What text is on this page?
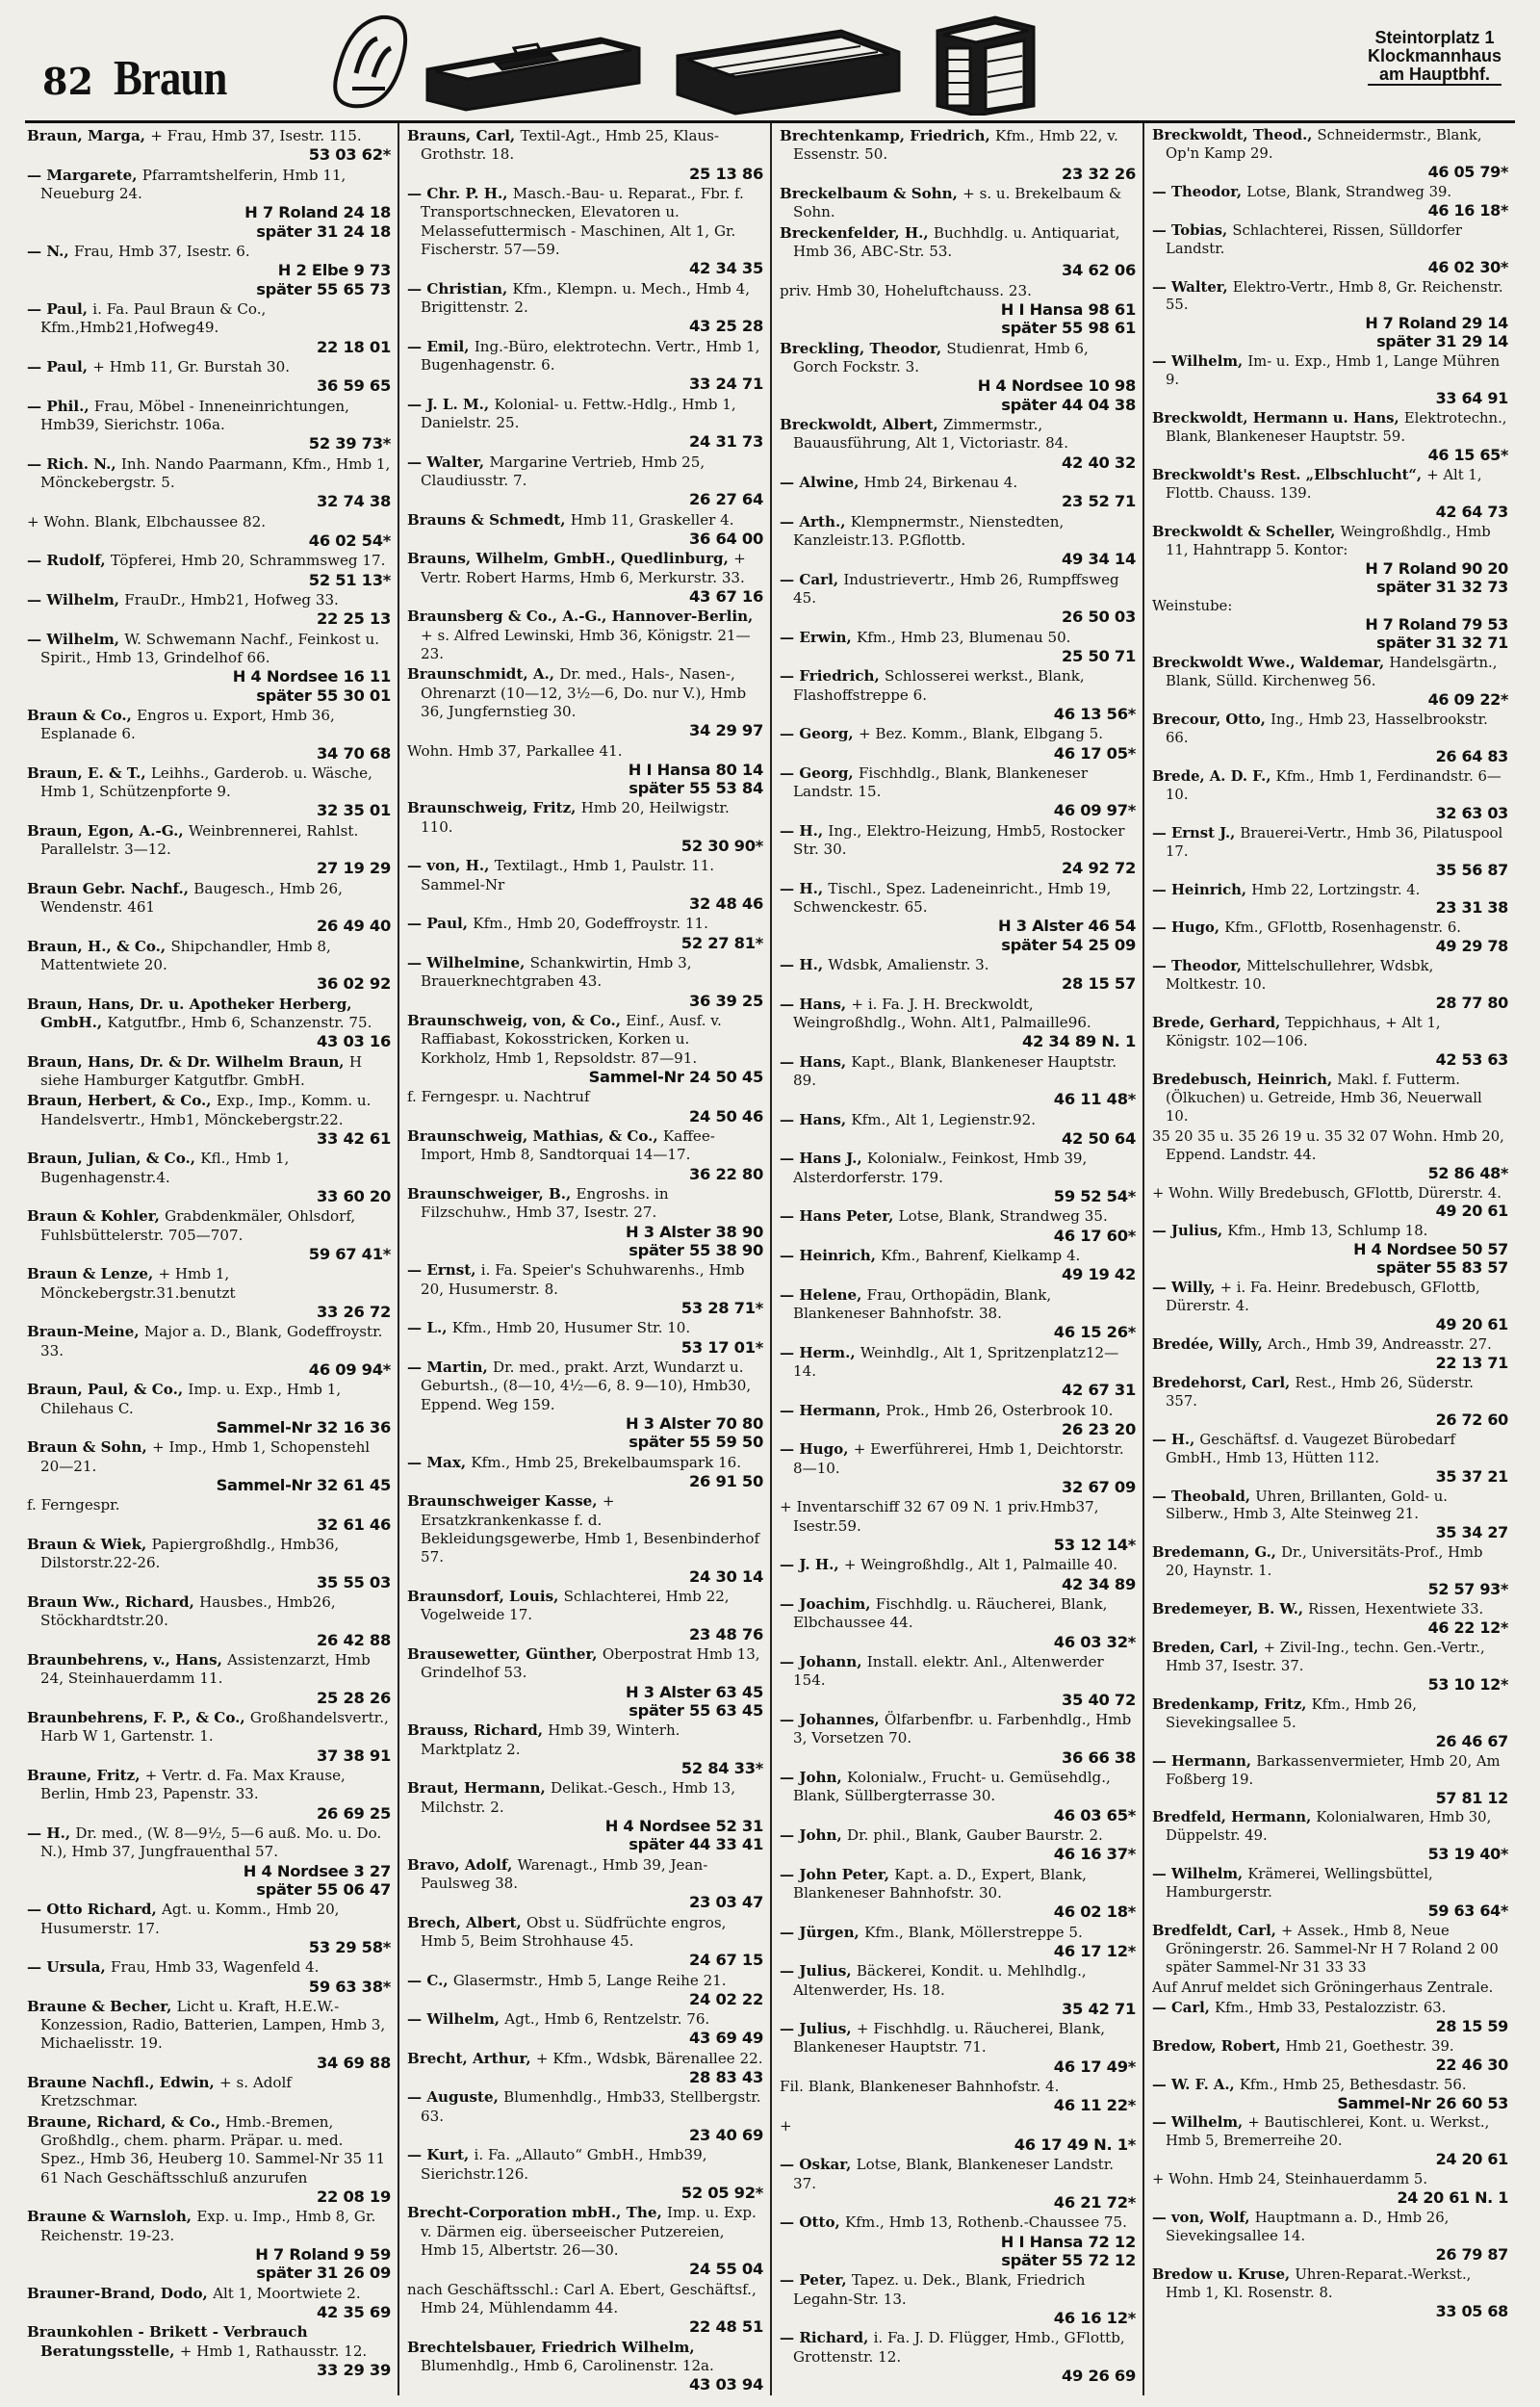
82 Braun
Steintorplatz 1
Klockmannhaus
am Hauptbhf.

Braun, Marga, + Frau, Hmb 37, Isestr. 115.
53 03 62*

— Margarete, Pfarramtshelferin, Hmb 11, Neueburg 24.
H 7 Roland 24 18
später 31 24 18

— N., Frau, Hmb 37, Isestr. 6.
H 2 Elbe 9 73
später 55 65 73

— Paul, i. Fa. Paul Braun & Co., Kfm.,Hmb21,Hofweg49.
22 18 01

— Paul, + Hmb 11, Gr. Burstah 30.
36 59 65

— Phil., Frau, Möbel - Inneneinrichtungen, Hmb39, Sierichstr. 106a.
52 39 73*

— Rich. N., Inh. Nando Paarmann, Kfm., Hmb 1, Mönckebergstr. 5.
32 74 38

+ Wohn. Blank, Elbchaussee 82.
46 02 54*

— Rudolf, Töpferei, Hmb 20, Schrammsweg 17.
52 51 13*

— Wilhelm, FrauDr., Hmb21, Hofweg 33.
22 25 13

— Wilhelm, W. Schwemann Nachf., Feinkost u. Spirit., Hmb 13, Grindelhof 66.
H 4 Nordsee 16 11
später 55 30 01

Braun & Co., Engros u. Export, Hmb 36, Esplanade 6.
34 70 68

Braun, E. & T., Leihhs., Garderob. u. Wäsche, Hmb 1, Schützenpforte 9.
32 35 01

Braun, Egon, A.-G., Weinbrennerei, Rahlst. Parallelstr. 3—12.
27 19 29

Braun Gebr. Nachf., Baugesch., Hmb 26, Wendenstr. 461
26 49 40

Braun, H., & Co., Shipchandler, Hmb 8, Mattentwiete 20.
36 02 92

Braun, Hans, Dr. u. Apotheker Herberg, GmbH., Katgutfbr., Hmb 6, Schanzenstr. 75.
43 03 16

Braun, Hans, Dr. & Dr. Wilhelm Braun, H siehe Hamburger Katgutfbr. GmbH.

Braun, Herbert, & Co., Exp., Imp., Komm. u. Handelsvertr., Hmb1, Mönckebergstr.22.
33 42 61

Braun, Julian, & Co., Kfl., Hmb 1, Bugenhagenstr.4.
33 60 20

Braun & Kohler, Grabdenkmäler, Ohlsdorf, Fuhlsbüttelerstr. 705—707.
59 67 41*

Braun & Lenze, + Hmb 1, Mönckebergstr.31.benutzt
33 26 72

Braun-Meine, Major a. D., Blank, Godeffroystr. 33.
46 09 94*

Braun, Paul, & Co., Imp. u. Exp., Hmb 1, Chilehaus C.
Sammel-Nr 32 16 36

Braun & Sohn, + Imp., Hmb 1, Schopenstehl 20—21.
Sammel-Nr 32 61 45

f. Ferngespr.
32 61 46

Braun & Wiek, Papiergroßhdlg., Hmb36, Dilstorstr.22-26.
35 55 03

Braun Ww., Richard, Hausbes., Hmb26, Stöckhardtstr.20.
26 42 88

Braunbehrens, v., Hans, Assistenzarzt, Hmb 24, Steinhauerdamm 11.
25 28 26

Braunbehrens, F. P., & Co., Großhandelsvertr., Harb W 1, Gartenstr. 1.
37 38 91

Braune, Fritz, + Vertr. d. Fa. Max Krause, Berlin, Hmb 23, Papenstr. 33.
26 69 25

— H., Dr. med., (W. 8—9½, 5—6 auß. Mo. u. Do. N.), Hmb 37, Jungfrauenthal 57.
H 4 Nordsee 3 27
später 55 06 47

— Otto Richard, Agt. u. Komm., Hmb 20, Husumerstr. 17.
53 29 58*

— Ursula, Frau, Hmb 33, Wagenfeld 4.
59 63 38*

Braune & Becher, Licht u. Kraft, H.E.W.-Konzession, Radio, Batterien, Lampen, Hmb 3, Michaelisstr. 19.
34 69 88

Braune Nachfl., Edwin, + s. Adolf Kretzschmar.

Braune, Richard, & Co., Hmb.-Bremen, Großhdlg., chem. pharm. Präpar. u. med. Spez., Hmb 36, Heuberg 10. Sammel-Nr 35 11 61 Nach Geschäftsschluß anzurufen
22 08 19

Braune & Warnsloh, Exp. u. Imp., Hmb 8, Gr. Reichenstr. 19-23.
H 7 Roland 9 59
später 31 26 09

Brauner-Brand, Dodo, Alt 1, Moortwiete 2.
42 35 69

Braunkohlen - Brikett - Verbrauch Beratungsstelle, + Hmb 1, Rathausstr. 12.
33 29 39

Brauns, Carl, Textil-Agt., Hmb 25, Klaus-Grothstr. 18.
25 13 86

— Chr. P. H., Masch.-Bau- u. Reparat., Fbr. f. Transportschnecken, Elevatoren u. Melassefuttermisch - Maschinen, Alt 1, Gr. Fischerstr. 57—59.
42 34 35

— Christian, Kfm., Klempn. u. Mech., Hmb 4, Brigittenstr. 2.
43 25 28

— Emil, Ing.-Büro, elektrotechn. Vertr., Hmb 1, Bugenhagenstr. 6.
33 24 71

— J. L. M., Kolonial- u. Fettw.-Hdlg., Hmb 1, Danielstr. 25.
24 31 73

— Walter, Margarine Vertrieb, Hmb 25, Claudiusstr. 7.
26 27 64

Brauns & Schmedt, Hmb 11, Graskeller 4.
36 64 00

Brauns, Wilhelm, GmbH., Quedlinburg, + Vertr. Robert Harms, Hmb 6, Merkurstr. 33.
43 67 16

Braunsberg & Co., A.-G., Hannover-Berlin, + s. Alfred Lewinski, Hmb 36, Königstr. 21—23.

Braunschmidt, A., Dr. med., Hals-, Nasen-, Ohrenarzt (10—12, 3½—6, Do. nur V.), Hmb 36, Jungfernstieg 30.
34 29 97

Wohn. Hmb 37, Parkallee 41.
H I Hansa 80 14
später 55 53 84

Braunschweig, Fritz, Hmb 20, Heilwigstr. 110.
52 30 90*

— von, H., Textilagt., Hmb 1, Paulstr. 11. Sammel-Nr
32 48 46

— Paul, Kfm., Hmb 20, Godeffroystr. 11.
52 27 81*

— Wilhelmine, Schankwirtin, Hmb 3, Brauerknechtgraben 43.
36 39 25

Braunschweig, von, & Co., Einf., Ausf. v. Raffiabast, Kokosstricken, Korken u. Korkholz, Hmb 1, Repsoldstr. 87—91.
Sammel-Nr 24 50 45

f. Ferngespr. u. Nachtruf
24 50 46

Braunschweig, Mathias, & Co., Kaffee-Import, Hmb 8, Sandtorquai 14—17.
36 22 80

Braunschweiger, B., Engroshs. in Filzschuhw., Hmb 37, Isestr. 27.
H 3 Alster 38 90
später 55 38 90

— Ernst, i. Fa. Speier's Schuhwarenhs., Hmb 20, Husumerstr. 8.
53 28 71*

— L., Kfm., Hmb 20, Husumer Str. 10.
53 17 01*

— Martin, Dr. med., prakt. Arzt, Wundarzt u. Geburtsh., (8—10, 4½—6, 8. 9—10), Hmb30, Eppend. Weg 159.
H 3 Alster 70 80
später 55 59 50

— Max, Kfm., Hmb 25, Brekelbaumspark 16.
26 91 50

Braunschweiger Kasse, + Ersatzkrankenkasse f. d. Bekleidungsgewerbe, Hmb 1, Besenbinderhof 57.
24 30 14

Braunsdorf, Louis, Schlachterei, Hmb 22, Vogelweide 17.
23 48 76

Brausewetter, Günther, Oberpostrat Hmb 13, Grindelhof 53.
H 3 Alster 63 45
später 55 63 45

Brauss, Richard, Hmb 39, Winterh. Marktplatz 2.
52 84 33*

Braut, Hermann, Delikat.-Gesch., Hmb 13, Milchstr. 2.
H 4 Nordsee 52 31
später 44 33 41

Bravo, Adolf, Warenagt., Hmb 39, Jean-Paulsweg 38.
23 03 47

Brech, Albert, Obst u. Südfrüchte engros, Hmb 5, Beim Strohhause 45.
24 67 15

— C., Glasermstr., Hmb 5, Lange Reihe 21.
24 02 22

— Wilhelm, Agt., Hmb 6, Rentzelstr. 76.
43 69 49

Brecht, Arthur, + Kfm., Wdsbk, Bärenallee 22.
28 83 43

— Auguste, Blumenhdlg., Hmb33, Stellbergstr. 63.
23 40 69

— Kurt, i. Fa. „Allauto“ GmbH., Hmb39, Sierichstr.126.
52 05 92*

Brecht-Corporation mbH., The, Imp. u. Exp. v. Därmen eig. überseeischer Putzereien, Hmb 15, Albertstr. 26—30.
24 55 04

nach Geschäftsschl.: Carl A. Ebert, Geschäftsf., Hmb 24, Mühlendamm 44.
22 48 51

Brechtelsbauer, Friedrich Wilhelm, Blumenhdlg., Hmb 6, Carolinenstr. 12a.
43 03 94

Brechtenkamp, Friedrich, Kfm., Hmb 22, v. Essenstr. 50.
23 32 26

Breckelbaum & Sohn, + s. u. Brekelbaum & Sohn.

Breckenfelder, H., Buchhdlg. u. Antiquariat, Hmb 36, ABC-Str. 53.
34 62 06

priv. Hmb 30, Hoheluftchauss. 23.
H I Hansa 98 61
später 55 98 61

Breckling, Theodor, Studienrat, Hmb 6, Gorch Fockstr. 3.
H 4 Nordsee 10 98
später 44 04 38

Breckwoldt, Albert, Zimmermstr., Bauausführung, Alt 1, Victoriastr. 84.
42 40 32

— Alwine, Hmb 24, Birkenau 4.
23 52 71

— Arth., Klempnermstr., Nienstedten, Kanzleistr.13. P.Gflottb.
49 34 14

— Carl, Industrievertr., Hmb 26, Rumpffsweg 45.
26 50 03

— Erwin, Kfm., Hmb 23, Blumenau 50.
25 50 71

— Friedrich, Schlosserei werkst., Blank, Flashoffstreppe 6.
46 13 56*

— Georg, + Bez. Komm., Blank, Elbgang 5.
46 17 05*

— Georg, Fischhdlg., Blank, Blankeneser Landstr. 15.
46 09 97*

— H., Ing., Elektro-Heizung, Hmb5, Rostocker Str. 30.
24 92 72

— H., Tischl., Spez. Ladeneinricht., Hmb 19, Schwenckestr. 65.
H 3 Alster 46 54
später 54 25 09

— H., Wdsbk, Amalienstr. 3.
28 15 57

— Hans, + i. Fa. J. H. Breckwoldt, Weingroßhdlg., Wohn. Alt1, Palmaille96.
42 34 89 N. 1

— Hans, Kapt., Blank, Blankeneser Hauptstr. 89.
46 11 48*

— Hans, Kfm., Alt 1, Legienstr.92.
42 50 64

— Hans J., Kolonialw., Feinkost, Hmb 39, Alsterdorferstr. 179.
59 52 54*

— Hans Peter, Lotse, Blank, Strandweg 35.
46 17 60*

— Heinrich, Kfm., Bahrenf, Kielkamp 4.
49 19 42

— Helene, Frau, Orthopädin, Blank, Blankeneser Bahnhofstr. 38.
46 15 26*

— Herm., Weinhdlg., Alt 1, Spritzenplatz12—14.
42 67 31

— Hermann, Prok., Hmb 26, Osterbrook 10.
26 23 20

— Hugo, + Ewerführerei, Hmb 1, Deichtorstr. 8—10.
32 67 09

+ Inventarschiff 32 67 09 N. 1 priv.Hmb37, Isestr.59.
53 12 14*

— J. H., + Weingroßhdlg., Alt 1, Palmaille 40.
42 34 89

— Joachim, Fischhdlg. u. Räucherei, Blank, Elbchaussee 44.
46 03 32*

— Johann, Install. elektr. Anl., Altenwerder 154.
35 40 72

— Johannes, Ölfarbenfbr. u. Farbenhdlg., Hmb 3, Vorsetzen 70.
36 66 38

— John, Kolonialw., Frucht- u. Gemüsehdlg., Blank, Süllbergterrasse 30.
46 03 65*

— John, Dr. phil., Blank, Gauber Baurstr. 2.
46 16 37*

— John Peter, Kapt. a. D., Expert, Blank, Blankeneser Bahnhofstr. 30.
46 02 18*

— Jürgen, Kfm., Blank, Möllerstreppe 5.
46 17 12*

— Julius, Bäckerei, Kondit. u. Mehlhdlg., Altenwerder, Hs. 18.
35 42 71

— Julius, + Fischhdlg. u. Räucherei, Blank, Blankeneser Hauptstr. 71.
46 17 49*

Fil. Blank, Blankeneser Bahnhofstr. 4.
46 11 22*

+
46 17 49 N. 1*

— Oskar, Lotse, Blank, Blankeneser Landstr. 37.
46 21 72*

— Otto, Kfm., Hmb 13, Rothenb.-Chaussee 75.
H I Hansa 72 12
später 55 72 12

— Peter, Tapez. u. Dek., Blank, Friedrich Legahn-Str. 13.
46 16 12*

— Richard, i. Fa. J. D. Flügger, Hmb., GFlottb, Grottenstr. 12.
49 26 69

Breckwoldt, Theod., Schneidermstr., Blank, Op'n Kamp 29.
46 05 79*

— Theodor, Lotse, Blank, Strandweg 39.
46 16 18*

— Tobias, Schlachterei, Rissen, Sülldorfer Landstr.
46 02 30*

— Walter, Elektro-Vertr., Hmb 8, Gr. Reichenstr. 55.
H 7 Roland 29 14
später 31 29 14

— Wilhelm, Im- u. Exp., Hmb 1, Lange Mühren 9.
33 64 91

Breckwoldt, Hermann u. Hans, Elektrotechn., Blank, Blankeneser Hauptstr. 59.
46 15 65*

Breckwoldt's Rest. „Elbschlucht“, + Alt 1, Flottb. Chauss. 139.
42 64 73

Breckwoldt & Scheller, Weingroßhdlg., Hmb 11, Hahntrapp 5. Kontor:
H 7 Roland 90 20
später 31 32 73

Weinstube:
H 7 Roland 79 53
später 31 32 71

Breckwoldt Wwe., Waldemar, Handelsgärtn., Blank, Sülld. Kirchenweg 56.
46 09 22*

Brecour, Otto, Ing., Hmb 23, Hasselbrookstr. 66.
26 64 83

Brede, A. D. F., Kfm., Hmb 1, Ferdinandstr. 6—10.
32 63 03

— Ernst J., Brauerei-Vertr., Hmb 36, Pilatuspool 17.
35 56 87

— Heinrich, Hmb 22, Lortzingstr. 4.
23 31 38

— Hugo, Kfm., GFlottb, Rosenhagenstr. 6.
49 29 78

— Theodor, Mittelschullehrer, Wdsbk, Moltkestr. 10.
28 77 80

Brede, Gerhard, Teppichhaus, + Alt 1, Königstr. 102—106.
42 53 63

Bredebusch, Heinrich, Makl. f. Futterm. (Ölkuchen) u. Getreide, Hmb 36, Neuerwall 10.

35 20 35 u. 35 26 19 u. 35 32 07 Wohn. Hmb 20, Eppend. Landstr. 44.
52 86 48*

+ Wohn. Willy Bredebusch, GFlottb, Dürerstr. 4.
49 20 61

— Julius, Kfm., Hmb 13, Schlump 18.
H 4 Nordsee 50 57
später 55 83 57

— Willy, + i. Fa. Heinr. Bredebusch, GFlottb, Dürerstr. 4.
49 20 61

Bredée, Willy, Arch., Hmb 39, Andreasstr. 27.
22 13 71

Bredehorst, Carl, Rest., Hmb 26, Süderstr. 357.
26 72 60

— H., Geschäftsf. d. Vaugezet Bürobedarf GmbH., Hmb 13, Hütten 112.
35 37 21

— Theobald, Uhren, Brillanten, Gold- u. Silberw., Hmb 3, Alte Steinweg 21.
35 34 27

Bredemann, G., Dr., Universitäts-Prof., Hmb 20, Haynstr. 1.
52 57 93*

Bredemeyer, B. W., Rissen, Hexentwiete 33.
46 22 12*

Breden, Carl, + Zivil-Ing., techn. Gen.-Vertr., Hmb 37, Isestr. 37.
53 10 12*

Bredenkamp, Fritz, Kfm., Hmb 26, Sievekingsallee 5.
26 46 67

— Hermann, Barkassenvermieter, Hmb 20, Am Foßberg 19.
57 81 12

Bredfeld, Hermann, Kolonialwaren, Hmb 30, Düppelstr. 49.
53 19 40*

— Wilhelm, Krämerei, Wellingsbüttel, Hamburgerstr.
59 63 64*

Bredfeldt, Carl, + Assek., Hmb 8, Neue Gröningerstr. 26. Sammel-Nr H 7 Roland 2 00 später Sammel-Nr 31 33 33

Auf Anruf meldet sich Gröningerhaus Zentrale.

— Carl, Kfm., Hmb 33, Pestalozzistr. 63.
28 15 59

Bredow, Robert, Hmb 21, Goethestr. 39.
22 46 30

— W. F. A., Kfm., Hmb 25, Bethesdastr. 56.
Sammel-Nr 26 60 53

— Wilhelm, + Bautischlerei, Kont. u. Werkst., Hmb 5, Bremerreihe 20.
24 20 61

+ Wohn. Hmb 24, Steinhauerdamm 5.
24 20 61 N. 1

— von, Wolf, Hauptmann a. D., Hmb 26, Sievekingsallee 14.
26 79 87

Bredow u. Kruse, Uhren-Reparat.-Werkst., Hmb 1, Kl. Rosenstr. 8.
33 05 68
